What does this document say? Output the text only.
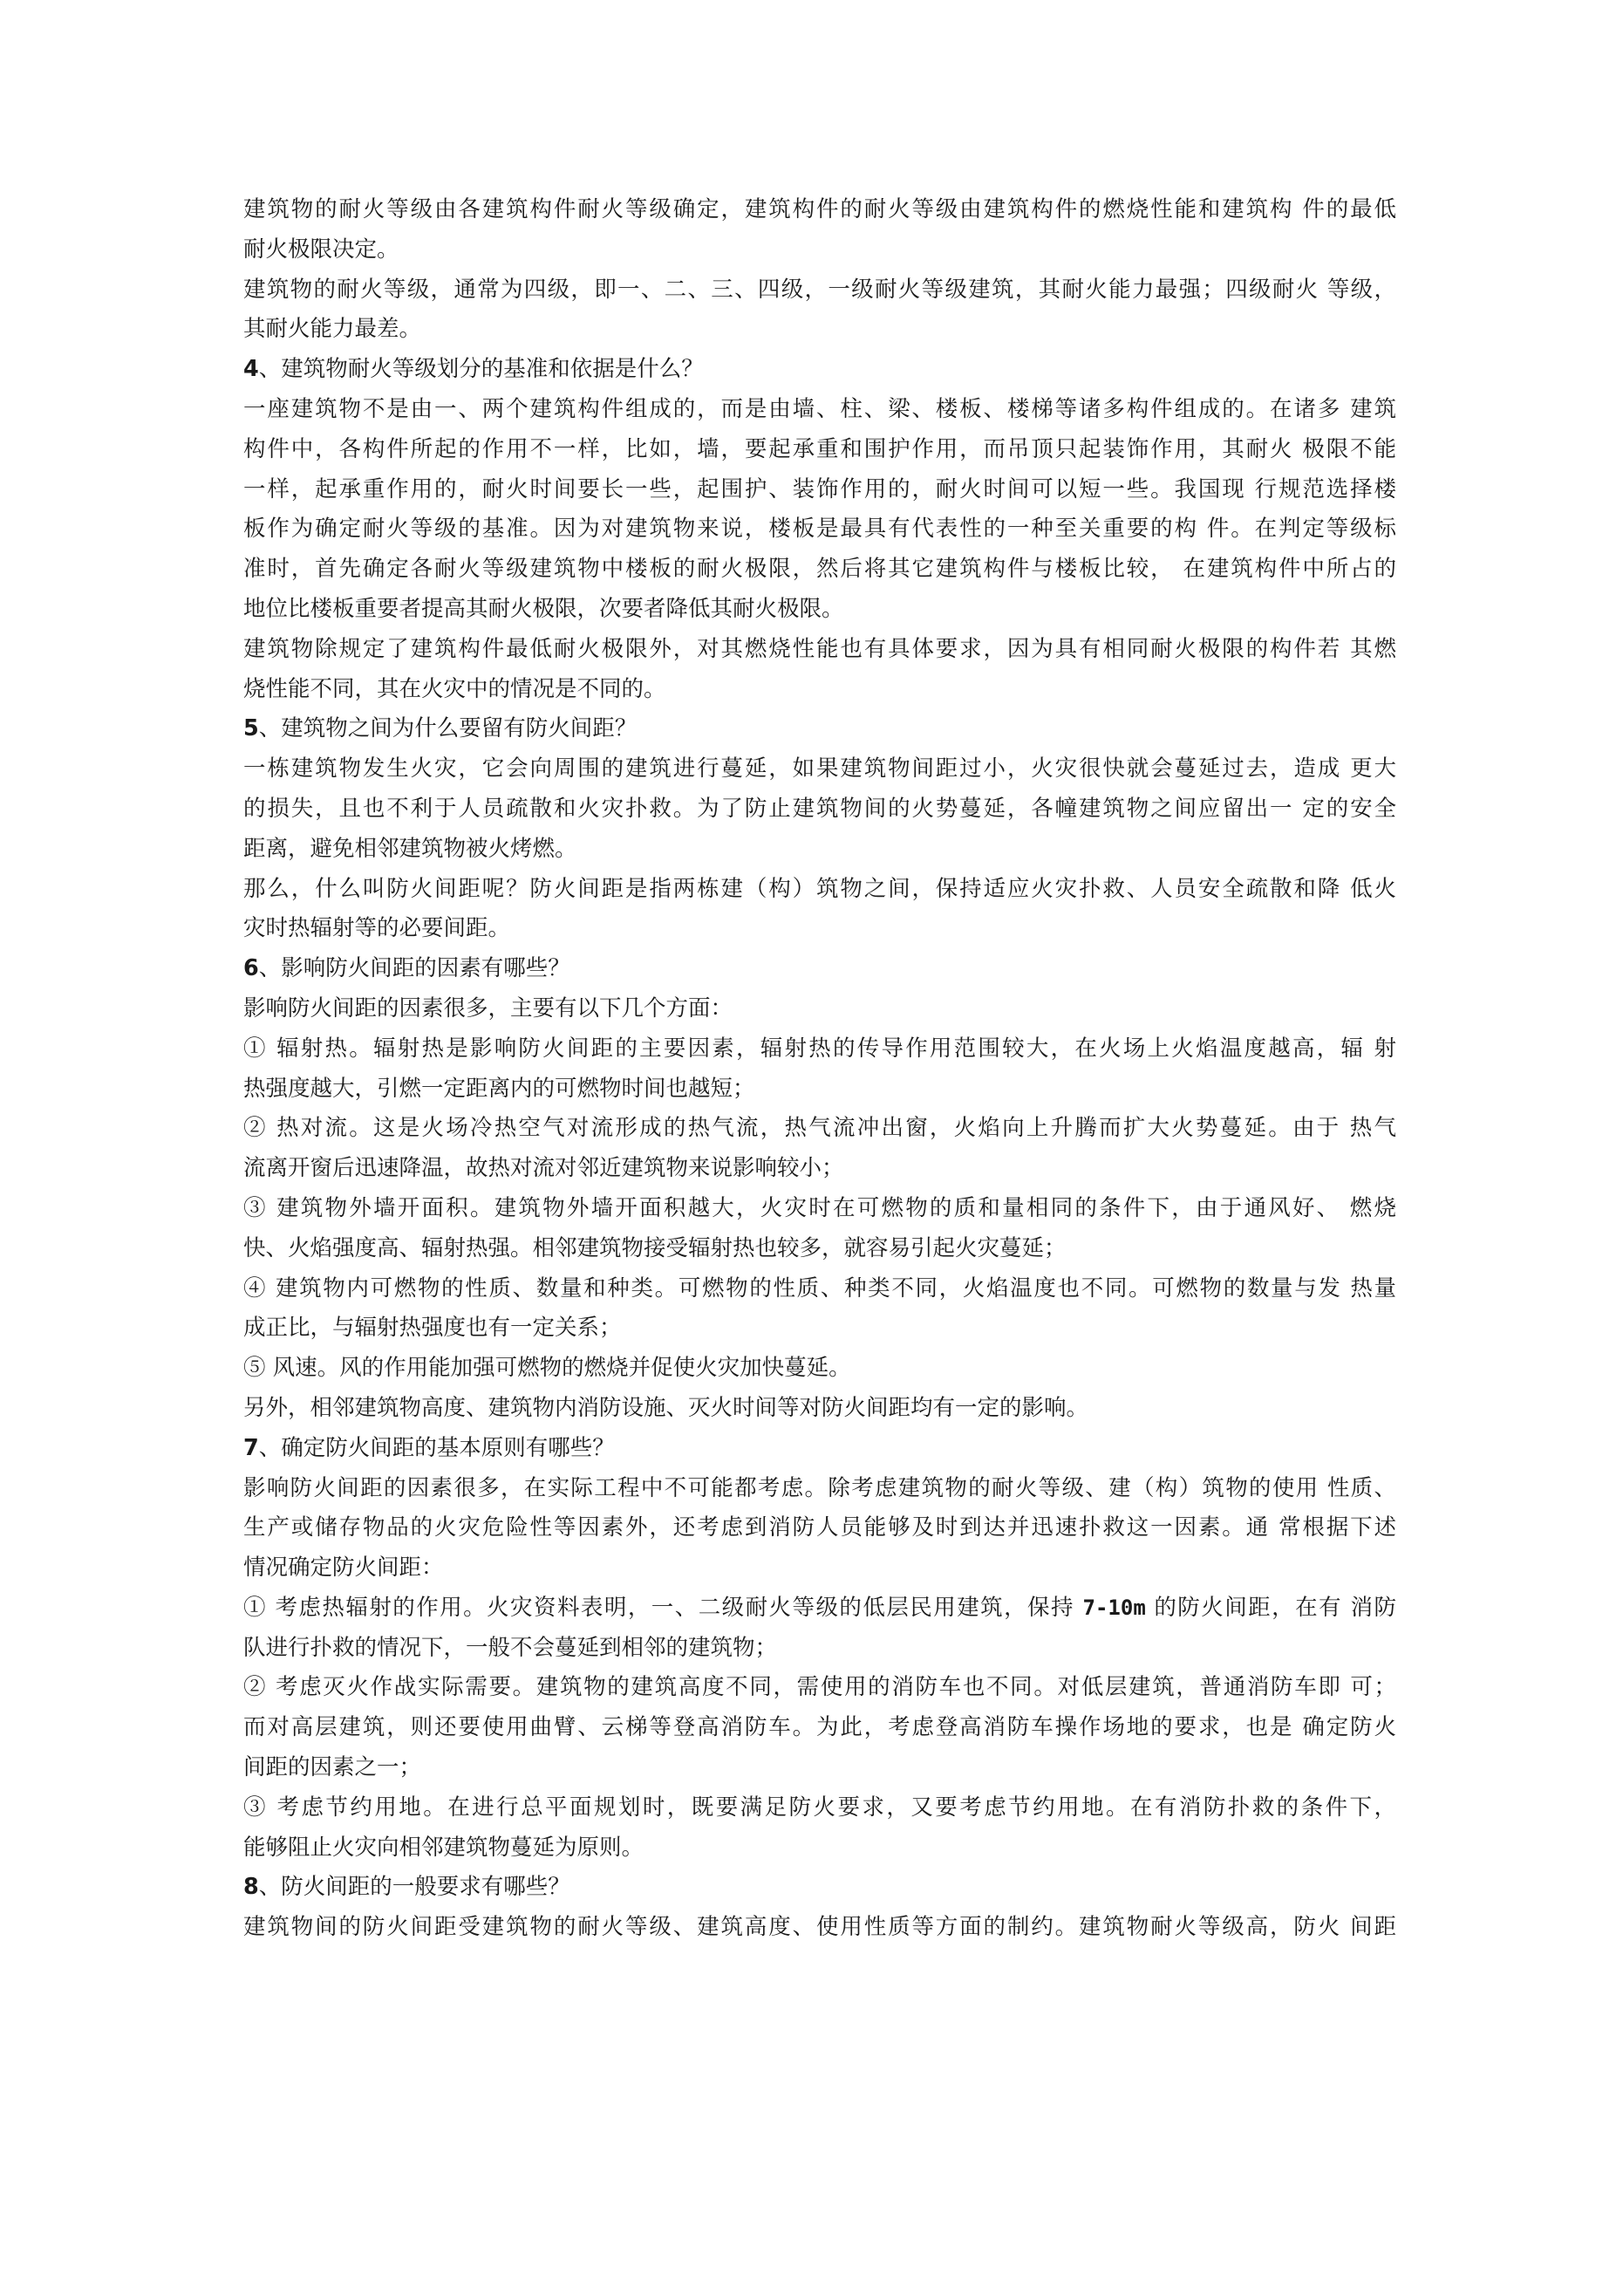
建筑物的耐火等级由各建筑构件耐火等级确定，建筑构件的耐火等级由建筑构件的燃烧性能和建筑构 件的最低
耐火极限决定。
建筑物的耐火等级，通常为四级，即一、二、三、四级，一级耐火等级建筑，其耐火能力最强；四级耐火 等级，
其耐火能力最差。
4、建筑物耐火等级划分的基准和依据是什么？
一座建筑物不是由一、两个建筑构件组成的，而是由墙、柱、梁、楼板、楼梯等诸多构件组成的。在诸多 建筑
构件中，各构件所起的作用不一样，比如，墙，要起承重和围护作用，而吊顶只起装饰作用，其耐火 极限不能
一样，起承重作用的，耐火时间要长一些，起围护、装饰作用的，耐火时间可以短一些。我国现 行规范选择楼
板作为确定耐火等级的基准。因为对建筑物来说，楼板是最具有代表性的一种至关重要的构 件。在判定等级标
准时，首先确定各耐火等级建筑物中楼板的耐火极限，然后将其它建筑构件与楼板比较， 在建筑构件中所占的
地位比楼板重要者提高其耐火极限，次要者降低其耐火极限。
建筑物除规定了建筑构件最低耐火极限外，对其燃烧性能也有具体要求，因为具有相同耐火极限的构件若 其燃
烧性能不同，其在火灾中的情况是不同的。
5、建筑物之间为什么要留有防火间距？
一栋建筑物发生火灾，它会向周围的建筑进行蔓延，如果建筑物间距过小，火灾很快就会蔓延过去，造成 更大
的损失，且也不利于人员疏散和火灾扑救。为了防止建筑物间的火势蔓延，各幢建筑物之间应留出一 定的安全
距离，避免相邻建筑物被火烤燃。
那么，什么叫防火间距呢？防火间距是指两栋建（构）筑物之间，保持适应火灾扑救、人员安全疏散和降 低火
灾时热辐射等的必要间距。
6、影响防火间距的因素有哪些？
影响防火间距的因素很多，主要有以下几个方面：
① 辐射热。辐射热是影响防火间距的主要因素，辐射热的传导作用范围较大，在火场上火焰温度越高，辐 射
热强度越大，引燃一定距离内的可燃物时间也越短；
② 热对流。这是火场冷热空气对流形成的热气流，热气流冲出窗，火焰向上升腾而扩大火势蔓延。由于 热气
流离开窗后迅速降温，故热对流对邻近建筑物来说影响较小；
③ 建筑物外墙开面积。建筑物外墙开面积越大，火灾时在可燃物的质和量相同的条件下，由于通风好、 燃烧
快、火焰强度高、辐射热强。相邻建筑物接受辐射热也较多，就容易引起火灾蔓延；
④ 建筑物内可燃物的性质、数量和种类。可燃物的性质、种类不同，火焰温度也不同。可燃物的数量与发 热量
成正比，与辐射热强度也有一定关系；
⑤ 风速。风的作用能加强可燃物的燃烧并促使火灾加快蔓延。
另外，相邻建筑物高度、建筑物内消防设施、灭火时间等对防火间距均有一定的影响。
7、确定防火间距的基本原则有哪些？
影响防火间距的因素很多，在实际工程中不可能都考虑。除考虑建筑物的耐火等级、建（构）筑物的使用 性质、
生产或储存物品的火灾危险性等因素外，还考虑到消防人员能够及时到达并迅速扑救这一因素。通 常根据下述
情况确定防火间距：
① 考虑热辐射的作用。火灾资料表明，一、二级耐火等级的低层民用建筑，保持 7-10m 的防火间距，在有 消防
队进行扑救的情况下，一般不会蔓延到相邻的建筑物；
② 考虑灭火作战实际需要。建筑物的建筑高度不同，需使用的消防车也不同。对低层建筑，普通消防车即 可；
而对高层建筑，则还要使用曲臂、云梯等登高消防车。为此，考虑登高消防车操作场地的要求，也是 确定防火
间距的因素之一；
③ 考虑节约用地。在进行总平面规划时，既要满足防火要求，又要考虑节约用地。在有消防扑救的条件下，
能够阻止火灾向相邻建筑物蔓延为原则。
8、防火间距的一般要求有哪些？
建筑物间的防火间距受建筑物的耐火等级、建筑高度、使用性质等方面的制约。建筑物耐火等级高，防火 间距
